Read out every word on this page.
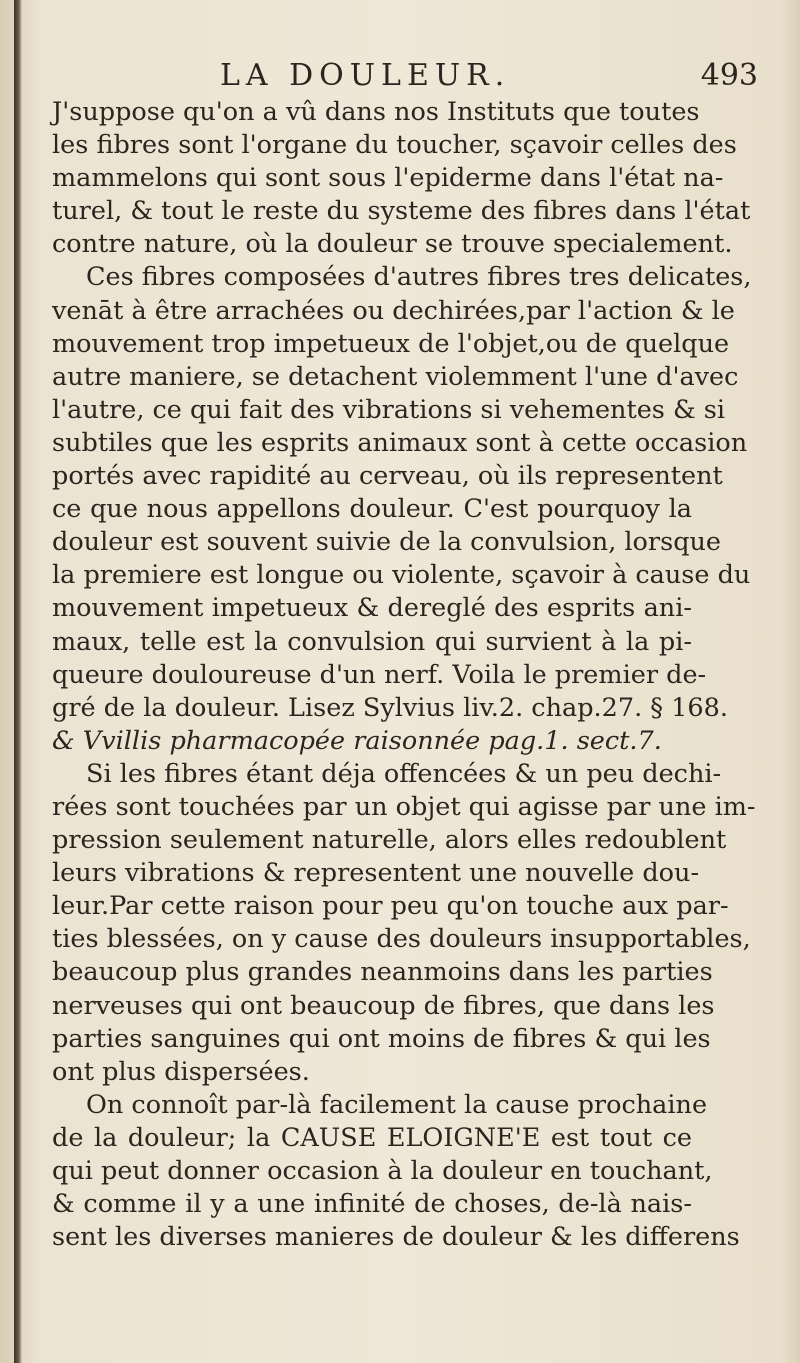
LA DOULEUR.	493
J'suppose qu'on a vû dans nos Instituts que toutes
les fibres sont l'organe du toucher, sçavoir celles des
mammelons qui sont sous l'epiderme dans l'état na-
turel, & tout le reste du systeme des fibres dans l'état
contre nature, où la douleur se trouve specialement.
Ces fibres composées d'autres fibres tres delicates,
venāt à être arrachées ou dechirées,par l'action & le
mouvement trop impetueux de l'objet,ou de quelque
autre maniere, se detachent violemment l'une d'avec
l'autre, ce qui fait des vibrations si vehementes & si
subtiles que les esprits animaux sont à cette occasion
portés avec rapidité au cerveau, où ils representent
ce que nous appellons douleur. C'est pourquoy la
douleur est souvent suivie de la convulsion, lorsque
la premiere est longue ou violente, sçavoir à cause du
mouvement impetueux & dereglé des esprits ani-
maux, telle est la convulsion qui survient à la pi-
queure douloureuse d'un nerf. Voila le premier de-
gré de la douleur. Lisez Sylvius liv.2. chap.27. § 168.
& Vvillis pharmacopée raisonnée pag.1. sect.7.
Si les fibres étant déja offencées & un peu dechi-
rées sont touchées par un objet qui agisse par une im-
pression seulement naturelle, alors elles redoublent
leurs vibrations & representent une nouvelle dou-
leur.Par cette raison pour peu qu'on touche aux par-
ties blessées, on y cause des douleurs insupportables,
beaucoup plus grandes neanmoins dans les parties
nerveuses qui ont beaucoup de fibres, que dans les
parties sanguines qui ont moins de fibres & qui les
ont plus dispersées.
On connoît par-là facilement la cause prochaine
de la douleur; la CAUSE ELOIGNE'E est tout ce
qui peut donner occasion à la douleur en touchant,
& comme il y a une infinité de choses, de-là nais-
sent les diverses manieres de douleur & les differens
